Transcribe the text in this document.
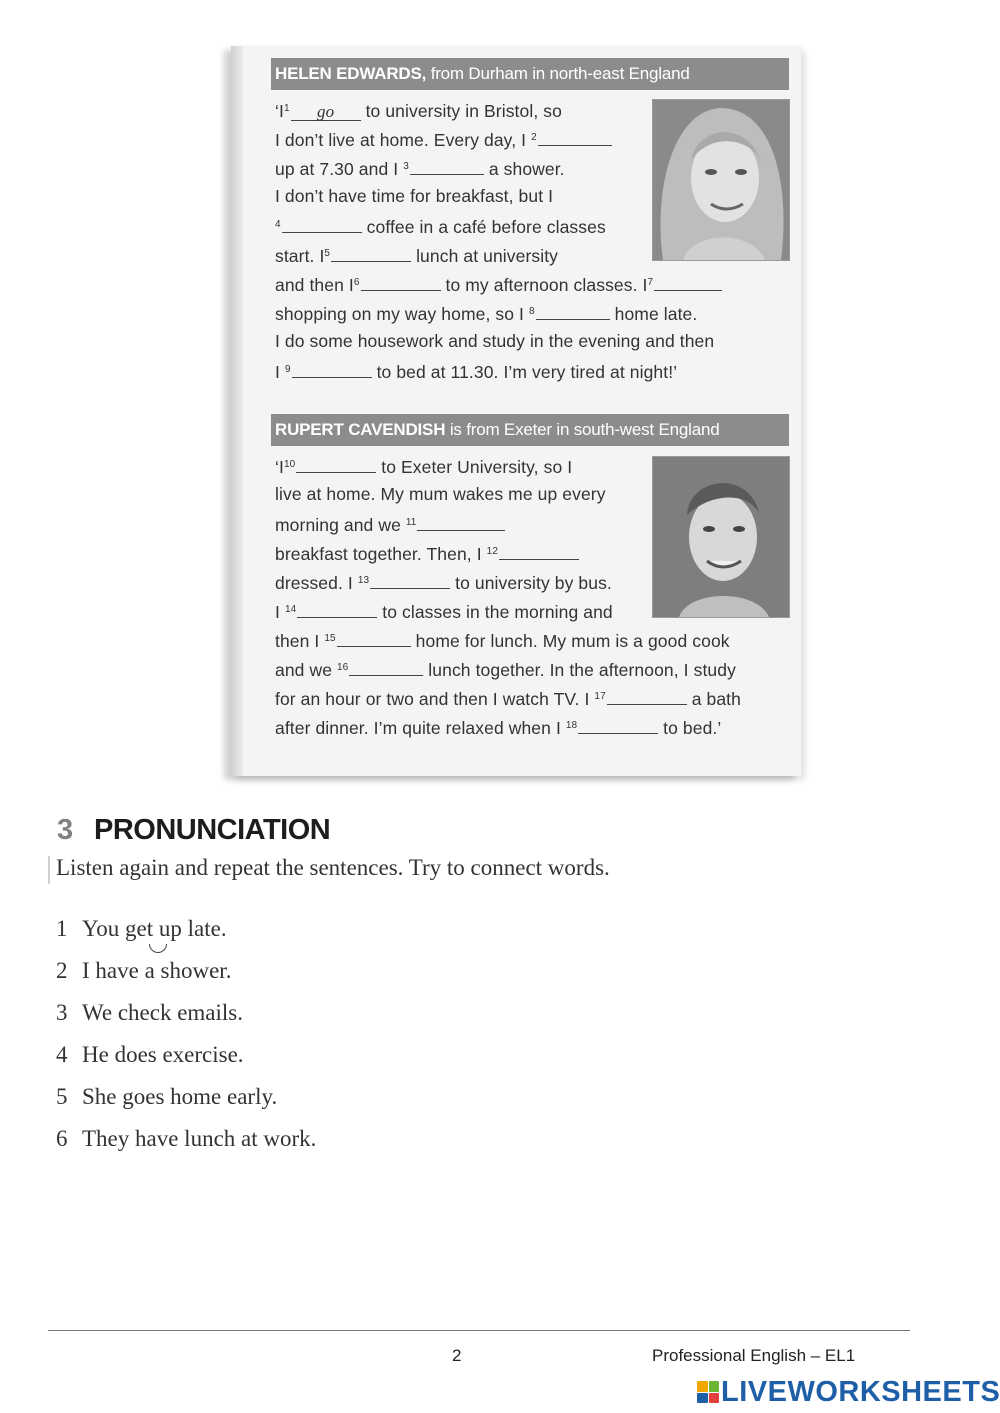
HELEN EDWARDS, from Durham in north-east England
‘$I^1$ go to university in Bristol, so
I don’t live at home. Every day, I $^2$
up at 7.30 and I $^3$	a shower.
I don’t have time for breakfast, but I
$^4$	coffee in a café before classes
start. $I^5$	lunch at university
and then $I^6$	to my afternoon classes. $I^7$
shopping on my way home, so I $^8$	home late.
I do some housework and study in the evening and then
I $^9$	to bed at 11.30. I’m very tired at night!’
RUPERT CAVENDISH is from Exeter in south-west England
‘$I^{10}$	to Exeter University, so I
live at home. My mum wakes me up every
morning and we $^{11}$
breakfast together. Then, I $^{12}$
dressed. I $^{13}$	to university by bus.
I $^{14}$	to classes in the morning and
then I $^{15}$	home for lunch. My mum is a good cook
and we $^{16}$	lunch together. In the afternoon, I study
for an hour or two and then I watch TV. I $^{17}$	a bath
after dinner. I’m quite relaxed when I $^{18}$	to bed.’
3 PRONUNCIATION
Listen again and repeat the sentences. Try to connect words.
1 You get up late.
2 I have a shower.
3 We check emails.
4 He does exercise.
5 She goes home early.
6 They have lunch at work.
2	Professional English – EL1
LIVEWORKSHEETS
